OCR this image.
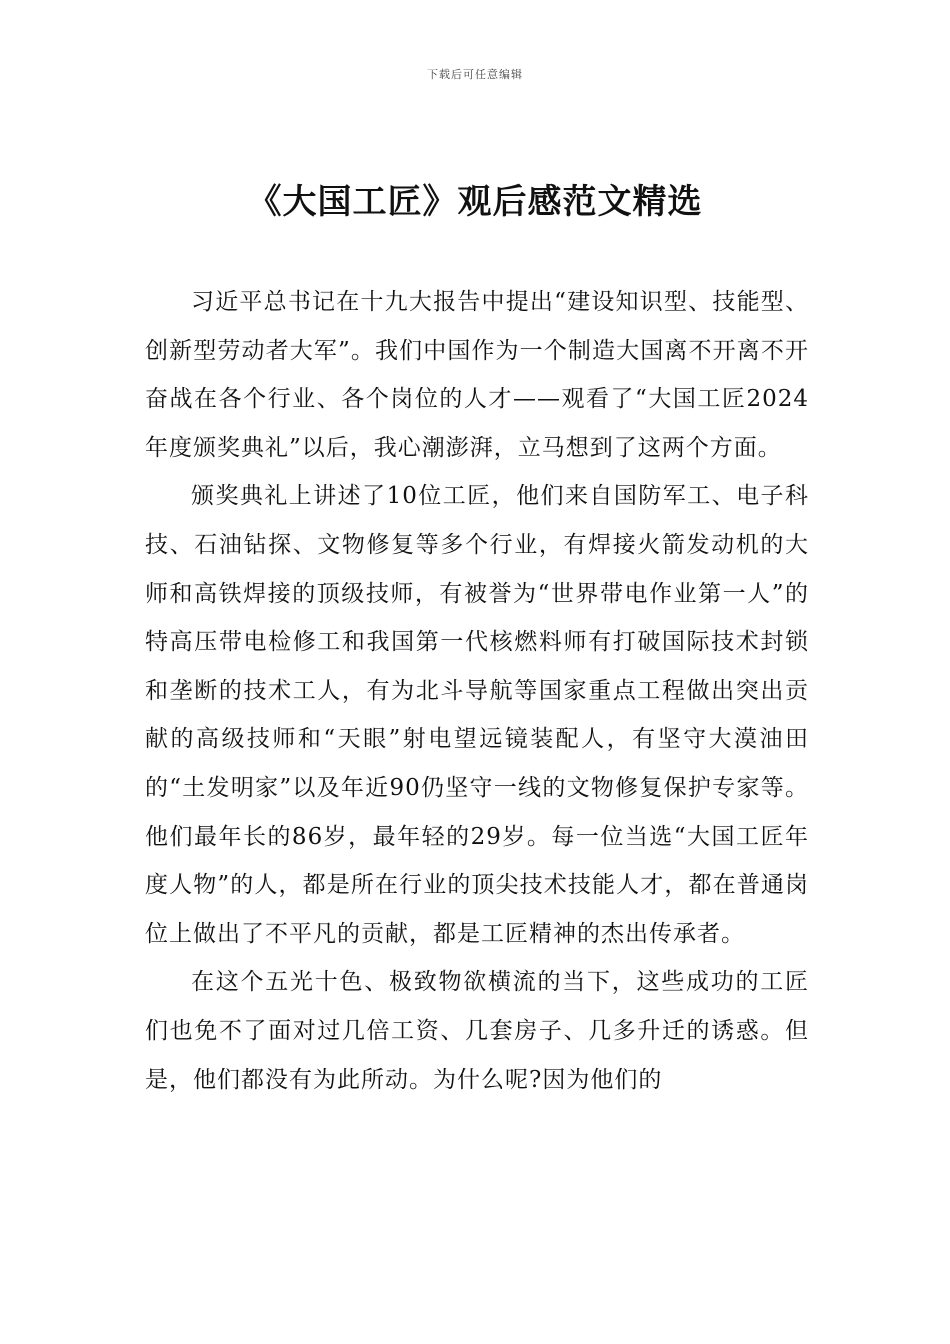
下载后可任意编辑
《大国工匠》观后感范文精选

习近平总书记在十九大报告中提出“建设知识型、技能型、创新型劳动者大军”。我们中国作为一个制造大国离不开离不开奋战在各个行业、各个岗位的人才——观看了“大国工匠2024年度颁奖典礼”以后，我心潮澎湃，立马想到了这两个方面。

颁奖典礼上讲述了10位工匠，他们来自国防军工、电子科技、石油钻探、文物修复等多个行业，有焊接火箭发动机的大师和高铁焊接的顶级技师，有被誉为“世界带电作业第一人”的特高压带电检修工和我国第一代核燃料师有打破国际技术封锁和垄断的技术工人，有为北斗导航等国家重点工程做出突出贡献的高级技师和“天眼”射电望远镜装配人，有坚守大漠油田的“土发明家”以及年近90仍坚守一线的文物修复保护专家等。他们最年长的86岁，最年轻的29岁。每一位当选“大国工匠年度人物”的人，都是所在行业的顶尖技术技能人才，都在普通岗位上做出了不平凡的贡献，都是工匠精神的杰出传承者。

在这个五光十色、极致物欲横流的当下，这些成功的工匠们也免不了面对过几倍工资、几套房子、几多升迁的诱惑。但是，他们都没有为此所动。为什么呢?因为他们的
